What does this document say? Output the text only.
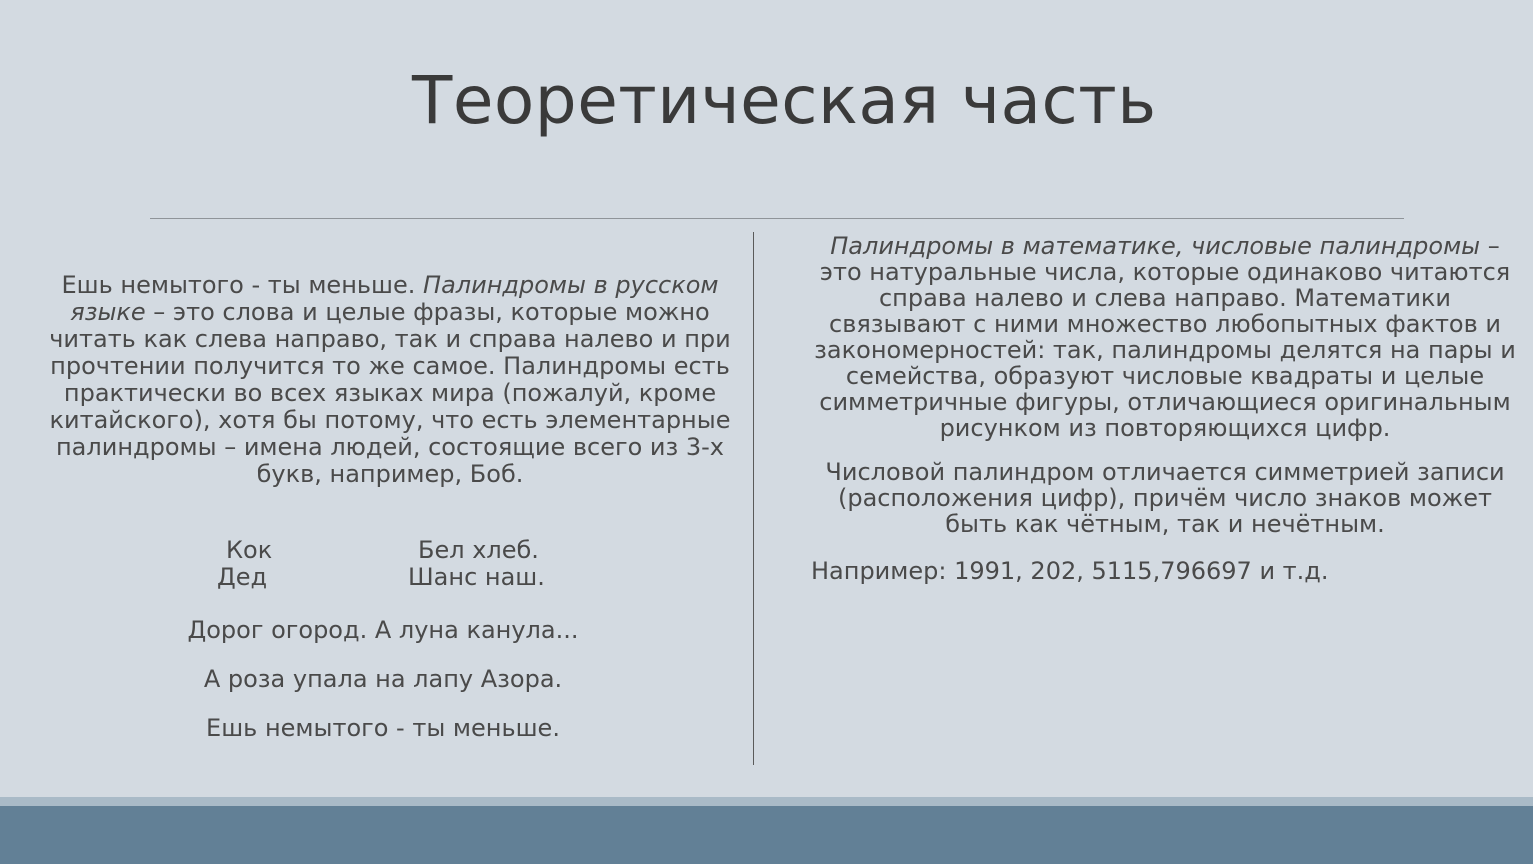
Теоретическая часть
Ешь немытого - ты меньше. Палиндромы в русском языке – это слова и целые фразы, которые можно читать как слева направо, так и справа налево и при прочтении получится то же самое. Палиндромы есть практически во всех языках мира (пожалуй, кроме китайского), хотя бы потому, что есть элементарные палиндромы – имена людей, состоящие всего из 3-х букв, например, Боб.
Кок
Дед
Бел хлеб.
Шанс наш.
Дорог огород. А луна канула...
А роза упала на лапу Азора.
Ешь немытого - ты меньше.
Палиндромы в математике, числовые палиндромы – это натуральные числа, которые одинаково читаются справа налево и слева направо. Математики связывают с ними множество любопытных фактов и закономерностей: так, палиндромы делятся на пары и семейства, образуют числовые квадраты и целые симметричные фигуры, отличающиеся оригинальным рисунком из повторяющихся цифр.
Числовой палиндром отличается симметрией записи (расположения цифр), причём число знаков может быть как чётным, так и нечётным.
Например: 1991, 202, 5115,796697 и т.д.
